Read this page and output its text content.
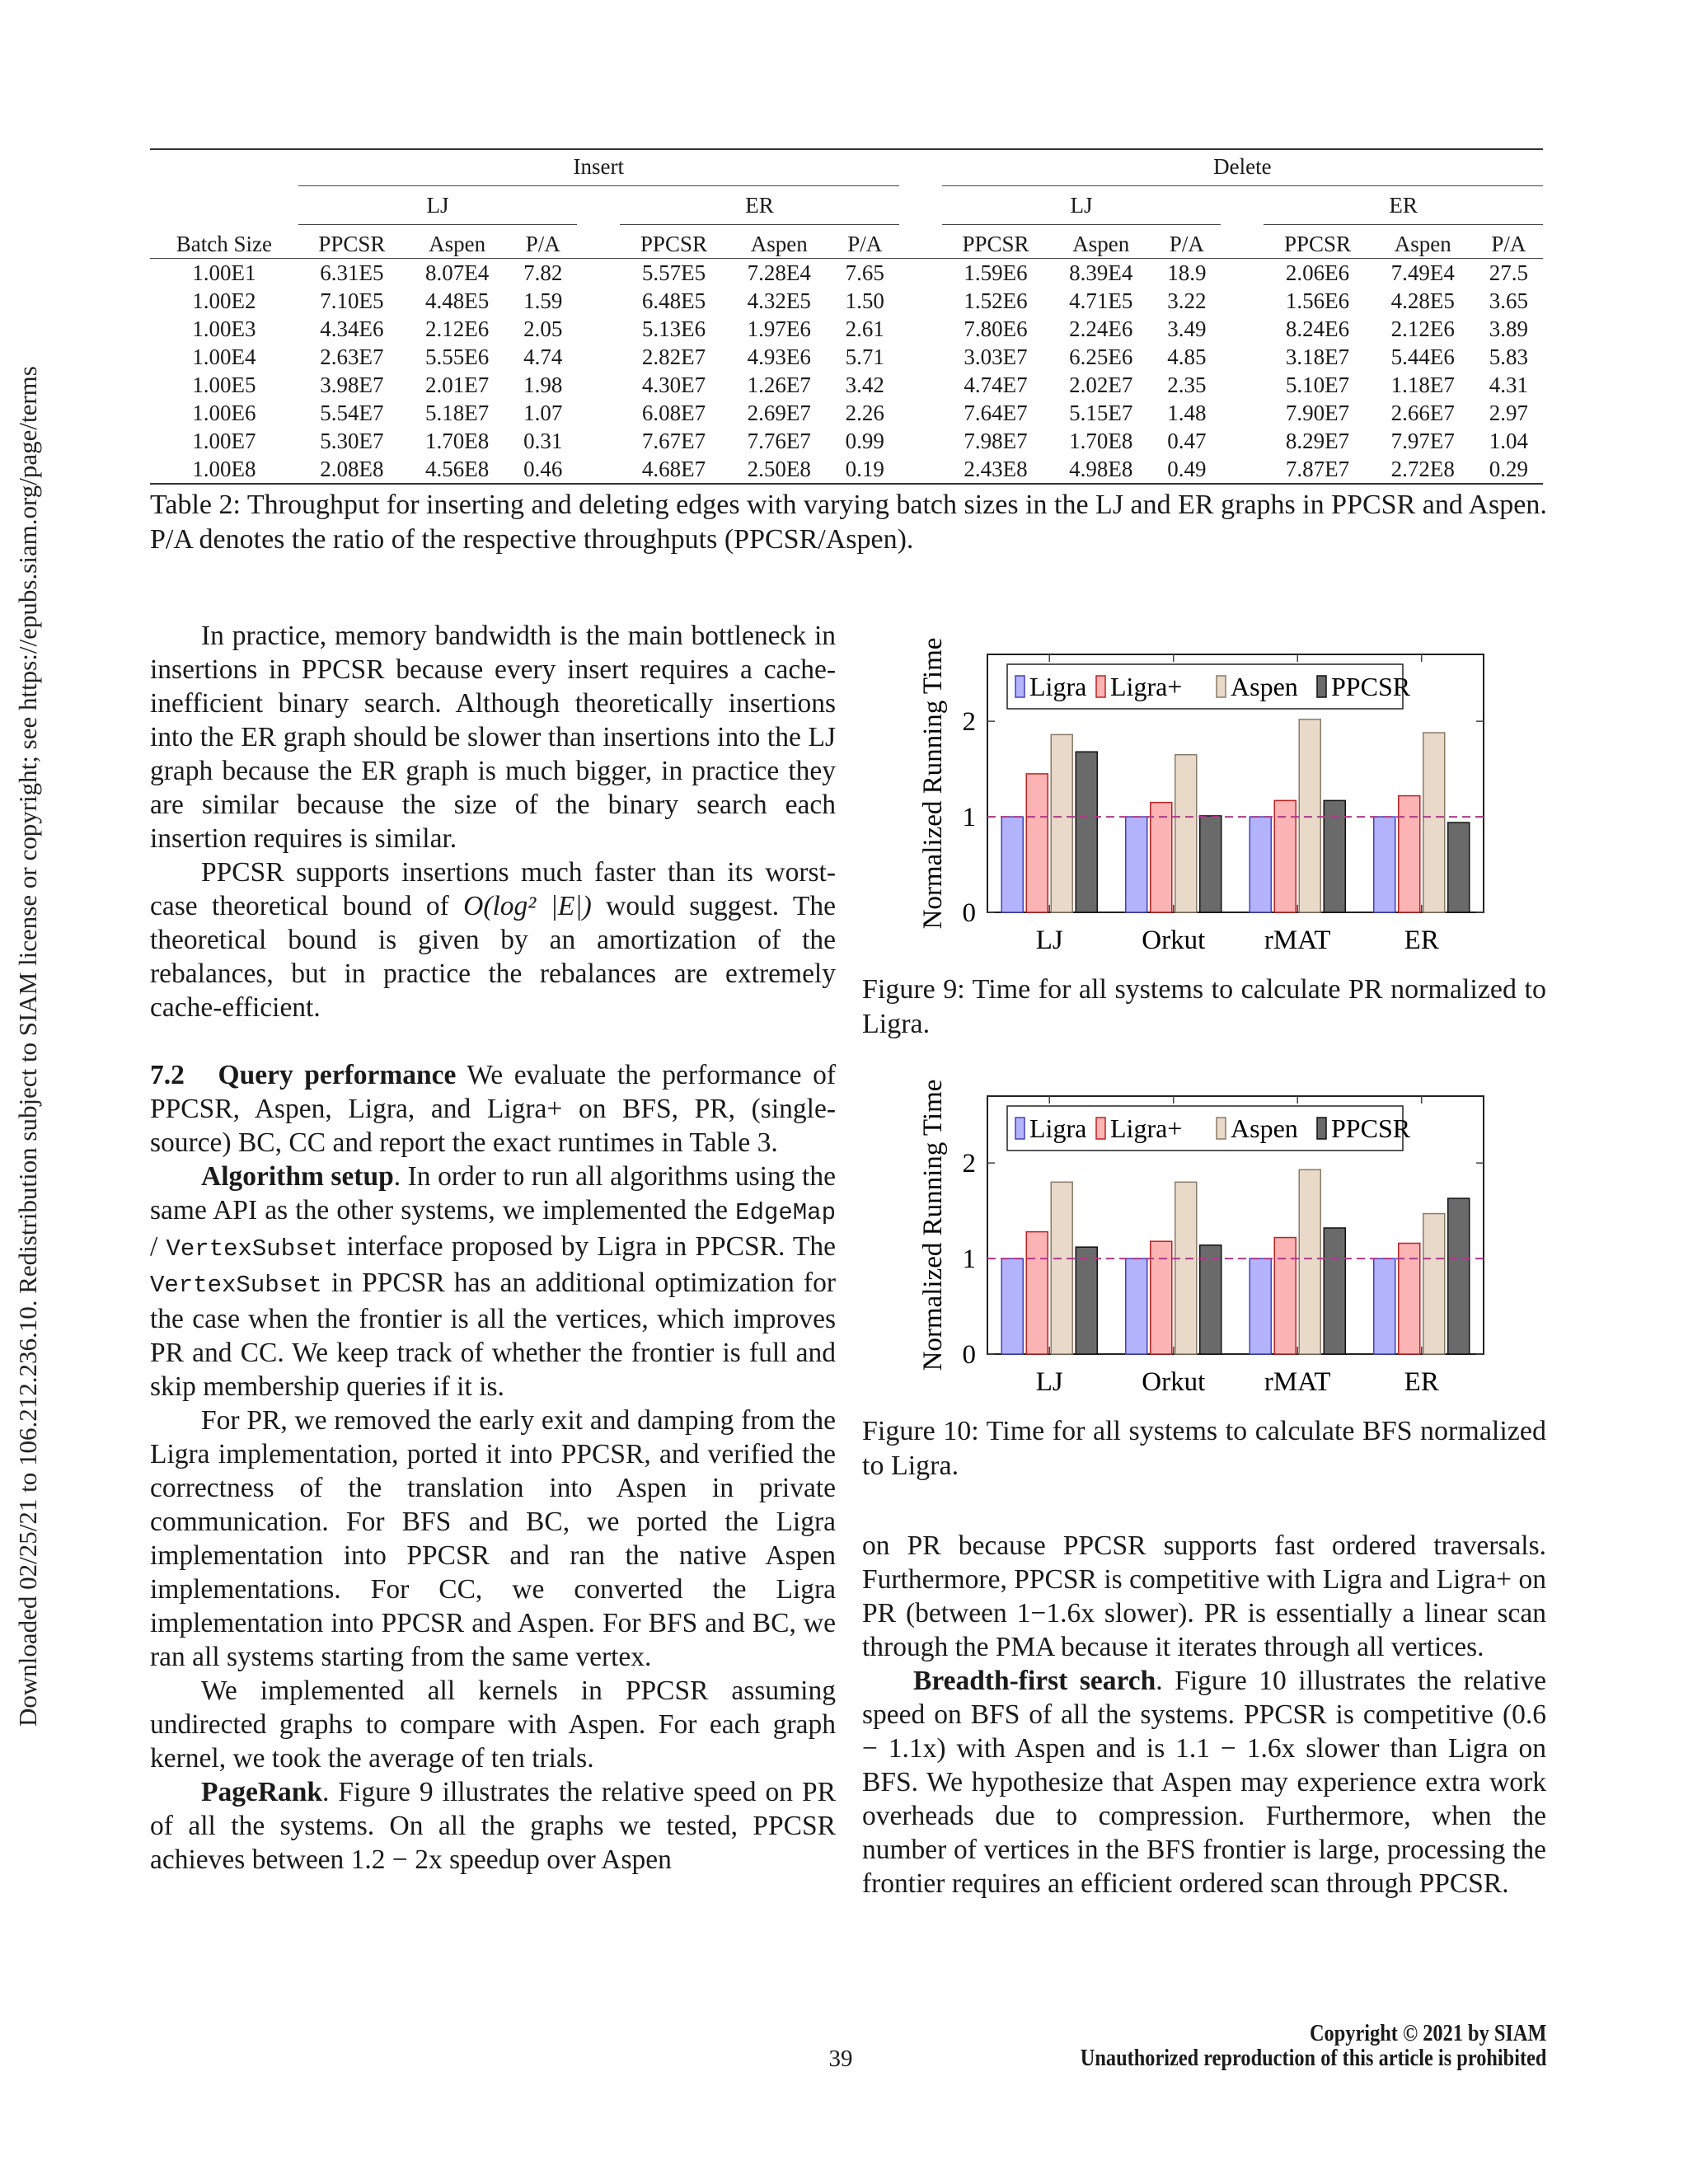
Downloaded 02/25/21 to 106.212.236.10. Redistribution subject to SIAM license or copyright; see https://epubs.siam.org/page/terms

	Insert								Delete						
	LJ				ER				LJ				ER		
Batch Size	PPCSR	Aspen	P/A		PPCSR	Aspen	P/A		PPCSR	Aspen	P/A		PPCSR	Aspen	P/A

1.00E1	6.31E5	8.07E4	7.82		5.57E5	7.28E4	7.65		1.59E6	8.39E4	18.9		2.06E6	7.49E4	27.5
1.00E2	7.10E5	4.48E5	1.59		6.48E5	4.32E5	1.50		1.52E6	4.71E5	3.22		1.56E6	4.28E5	3.65
1.00E3	4.34E6	2.12E6	2.05		5.13E6	1.97E6	2.61		7.80E6	2.24E6	3.49		8.24E6	2.12E6	3.89
1.00E4	2.63E7	5.55E6	4.74		2.82E7	4.93E6	5.71		3.03E7	6.25E6	4.85		3.18E7	5.44E6	5.83
1.00E5	3.98E7	2.01E7	1.98		4.30E7	1.26E7	3.42		4.74E7	2.02E7	2.35		5.10E7	1.18E7	4.31
1.00E6	5.54E7	5.18E7	1.07		6.08E7	2.69E7	2.26		7.64E7	5.15E7	1.48		7.90E7	2.66E7	2.97
1.00E7	5.30E7	1.70E8	0.31		7.67E7	7.76E7	0.99		7.98E7	1.70E8	0.47		8.29E7	7.97E7	1.04
1.00E8	2.08E8	4.56E8	0.46		4.68E7	2.50E8	0.19		2.43E8	4.98E8	0.49		7.87E7	2.72E8	0.29

Table 2: Throughput for inserting and deleting edges with varying batch sizes in the LJ and ER graphs in PPCSR and Aspen. P/A denotes the ratio of the respective throughputs (PPCSR/Aspen).

In practice, memory bandwidth is the main bottleneck in insertions in PPCSR because every insert requires a cache-inefficient binary search. Although theoretically insertions into the ER graph should be slower than insertions into the LJ graph because the ER graph is much bigger, in practice they are similar because the size of the binary search each insertion requires is similar.

PPCSR supports insertions much faster than its worst-case theoretical bound of O(log² |E|) would suggest. The theoretical bound is given by an amortization of the rebalances, but in practice the rebalances are extremely cache-efficient.

7.2 Query performance We evaluate the performance of PPCSR, Aspen, Ligra, and Ligra+ on BFS, PR, (single-source) BC, CC and report the exact runtimes in Table 3.

Algorithm setup. In order to run all algorithms using the same API as the other systems, we implemented the EdgeMap / VertexSubset interface proposed by Ligra in PPCSR. The VertexSubset in PPCSR has an additional optimization for the case when the frontier is all the vertices, which improves PR and CC. We keep track of whether the frontier is full and skip membership queries if it is.

For PR, we removed the early exit and damping from the Ligra implementation, ported it into PPCSR, and verified the correctness of the translation into Aspen in private communication. For BFS and BC, we ported the Ligra implementation into PPCSR and ran the native Aspen implementations. For CC, we converted the Ligra implementation into PPCSR and Aspen. For BFS and BC, we ran all systems starting from the same vertex.

We implemented all kernels in PPCSR assuming undirected graphs to compare with Aspen. For each graph kernel, we took the average of ten trials.

PageRank. Figure 9 illustrates the relative speed on PR of all the systems. On all the graphs we tested, PPCSR achieves between 1.2 − 2x speedup over Aspen

Normalized Running Time
LJ	Orkut rMAT	ER
0
1
2
Ligra Ligra+ Aspen PPCSR
Figure 9: Time for all systems to calculate PR normalized to Ligra.
Normalized Running Time
LJ	Orkut rMAT	ER
0
1
2
Ligra Ligra+ Aspen PPCSR
Figure 10: Time for all systems to calculate BFS normalized to Ligra.

on PR because PPCSR supports fast ordered traversals. Furthermore, PPCSR is competitive with Ligra and Ligra+ on PR (between 1−1.6x slower). PR is essentially a linear scan through the PMA because it iterates through all vertices.

Breadth-first search. Figure 10 illustrates the relative speed on BFS of all the systems. PPCSR is competitive (0.6 − 1.1x) with Aspen and is 1.1 − 1.6x slower than Ligra on BFS. We hypothesize that Aspen may experience extra work overheads due to compression. Furthermore, when the number of vertices in the BFS frontier is large, processing the frontier requires an efficient ordered scan through PPCSR.

39
Copyright © 2021 by SIAM
Unauthorized reproduction of this article is prohibited
